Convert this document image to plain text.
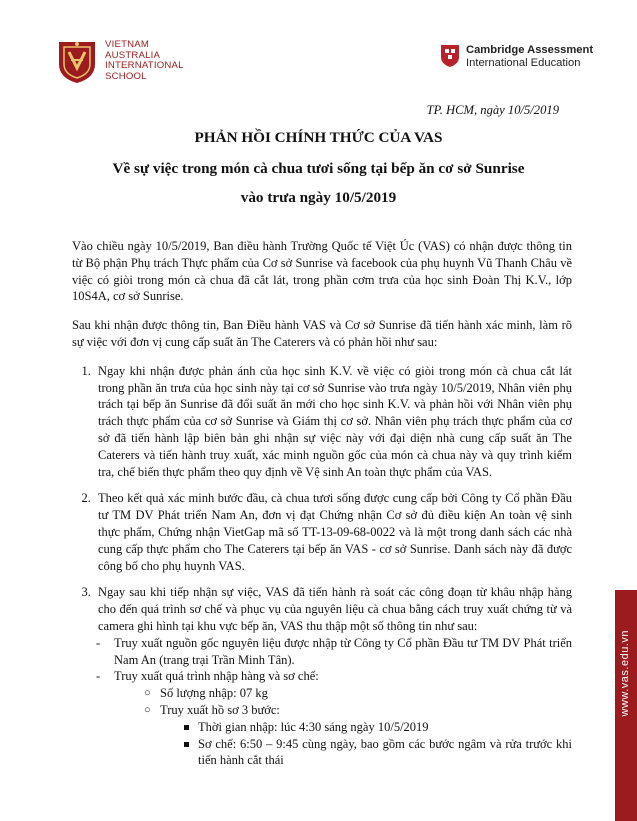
VIETNAM
AUSTRALIA
INTERNATIONAL
SCHOOL
Cambridge Assessment
International Education
TP. HCM, ngày 10/5/2019
PHẢN HỒI CHÍNH THỨC CỦA VAS
Về sự việc trong món cà chua tươi sống tại bếp ăn cơ sở Sunrise
vào trưa ngày 10/5/2019

Vào chiều ngày 10/5/2019, Ban điều hành Trường Quốc tế Việt Úc (VAS) có nhận được thông tin từ Bộ phận Phụ trách Thực phẩm của Cơ sở Sunrise và facebook của phụ huynh Vũ Thanh Châu về việc có giòi trong món cà chua đã cắt lát, trong phần cơm trưa của học sinh Đoàn Thị K.V., lớp 10S4A, cơ sở Sunrise.

Sau khi nhận được thông tin, Ban Điều hành VAS và Cơ sở Sunrise đã tiến hành xác minh, làm rõ sự việc với đơn vị cung cấp suất ăn The Caterers và có phản hồi như sau:

1. Ngay khi nhận được phản ánh của học sinh K.V. về việc có giòi trong món cà chua cắt lát trong phần ăn trưa của học sinh này tại cơ sở Sunrise vào trưa ngày 10/5/2019, Nhân viên phụ trách tại bếp ăn Sunrise đã đổi suất ăn mới cho học sinh K.V. và phản hồi với Nhân viên phụ trách thực phẩm của cơ sở Sunrise và Giám thị cơ sở. Nhân viên phụ trách thực phẩm của cơ sở đã tiến hành lập biên bản ghi nhận sự việc này với đại diện nhà cung cấp suất ăn The Caterers và tiến hành truy xuất, xác minh nguồn gốc của món cà chua này và quy trình kiểm tra, chế biến thực phẩm theo quy định về Vệ sinh An toàn thực phẩm của VAS.
2. Theo kết quả xác minh bước đầu, cà chua tươi sống được cung cấp bởi Công ty Cổ phần Đầu tư TM DV Phát triển Nam An, đơn vị đạt Chứng nhận Cơ sở đủ điều kiện An toàn vệ sinh thực phẩm, Chứng nhận VietGap mã số TT-13-09-68-0022 và là một trong danh sách các nhà cung cấp thực phẩm cho The Caterers tại bếp ăn VAS - cơ sở Sunrise. Danh sách này đã được công bố cho phụ huynh VAS.
3. Ngay sau khi tiếp nhận sự việc, VAS đã tiến hành rà soát các công đoạn từ khâu nhập hàng cho đến quá trình sơ chế và phục vụ của nguyên liệu cà chua bằng cách truy xuất chứng từ và camera ghi hình tại khu vực bếp ăn, VAS thu thập một số thông tin như sau:
- Truy xuất nguồn gốc nguyên liệu được nhập từ Công ty Cổ phần Đầu tư TM DV Phát triển Nam An (trang trại Trần Minh Tân).
- Truy xuất quá trình nhập hàng và sơ chế:
○ Số lượng nhập: 07 kg
○ Truy xuất hồ sơ 3 bước:
Thời gian nhập: lúc 4:30 sáng ngày 10/5/2019
Sơ chế: 6:50 – 9:45 cùng ngày, bao gồm các bước ngâm và rửa trước khi tiến hành cắt thái
www.vas.edu.vn
